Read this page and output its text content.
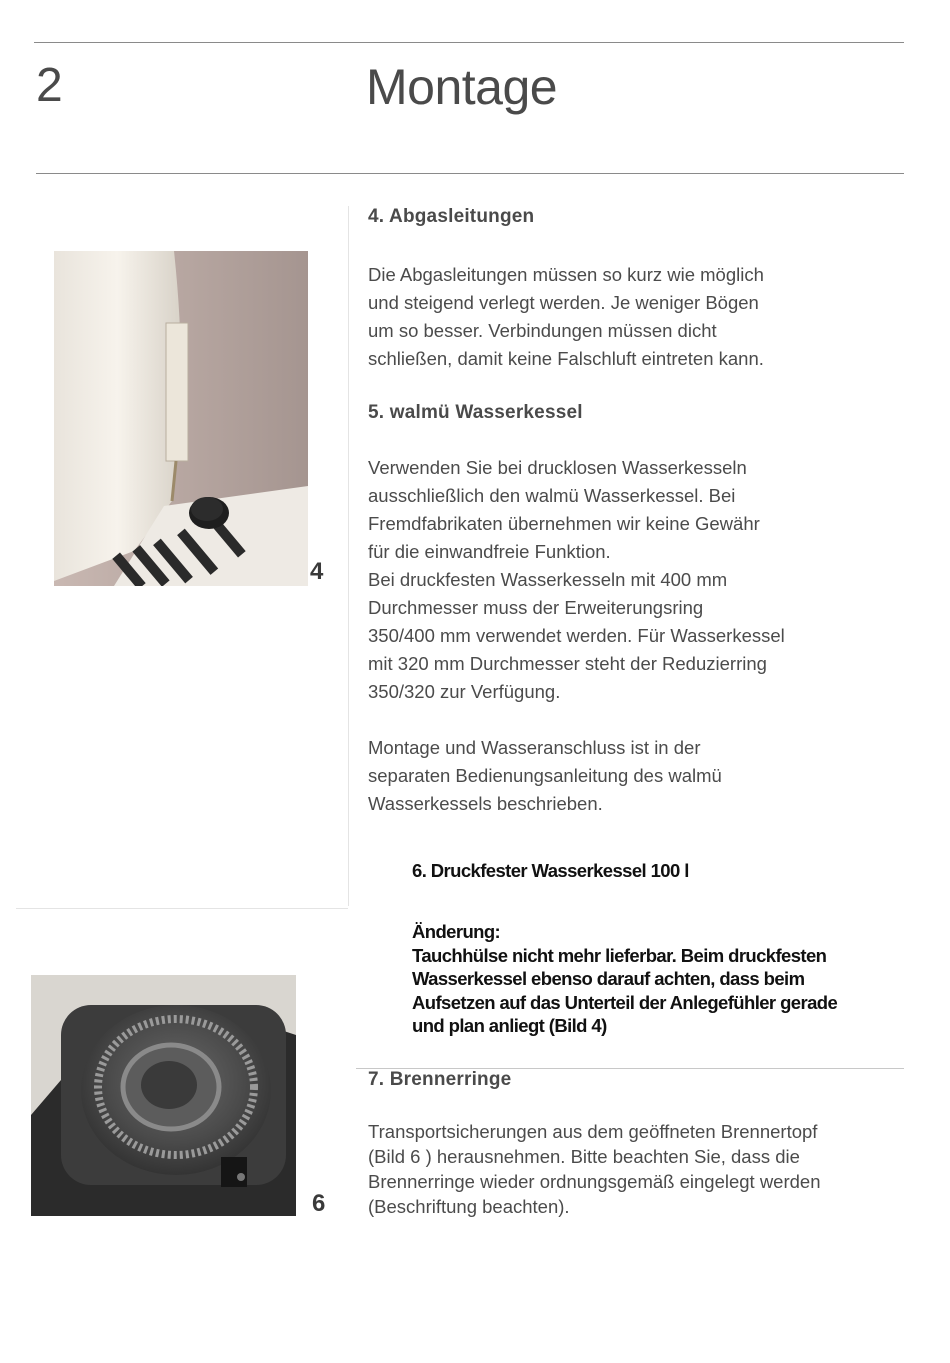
2	Montage
4
6
4. Abgasleitungen

Die Abgasleitungen müssen so kurz wie möglich
und steigend verlegt werden. Je weniger Bögen
um so besser. Verbindungen müssen dicht
schließen, damit keine Falschluft eintreten kann.

5. walmü Wasserkessel

Verwenden Sie bei drucklosen Wasserkesseln
ausschließlich den walmü Wasserkessel. Bei
Fremdfabrikaten übernehmen wir keine Gewähr
für die einwandfreie Funktion.
Bei druckfesten Wasserkesseln mit 400 mm
Durchmesser muss der Erweiterungsring
350/400 mm verwendet werden. Für Wasserkessel
mit 320 mm Durchmesser steht der Reduzierring
350/320 zur Verfügung.

Montage und Wasseranschluss ist in der
separaten Bedienungsanleitung des walmü
Wasserkessels beschrieben.

6. Druckfester Wasserkessel 100 l
Änderung:
Tauchhülse nicht mehr lieferbar. Beim druckfesten
Wasserkessel ebenso darauf achten, dass beim
Aufsetzen auf das Unterteil der Anlegefühler gerade
und plan anliegt (Bild 4)
7. Brennerringe

Transportsicherungen aus dem geöffneten Brennertopf
(Bild 6 ) herausnehmen. Bitte beachten Sie, dass die
Brennerringe wieder ordnungsgemäß eingelegt werden
(Beschriftung beachten).
